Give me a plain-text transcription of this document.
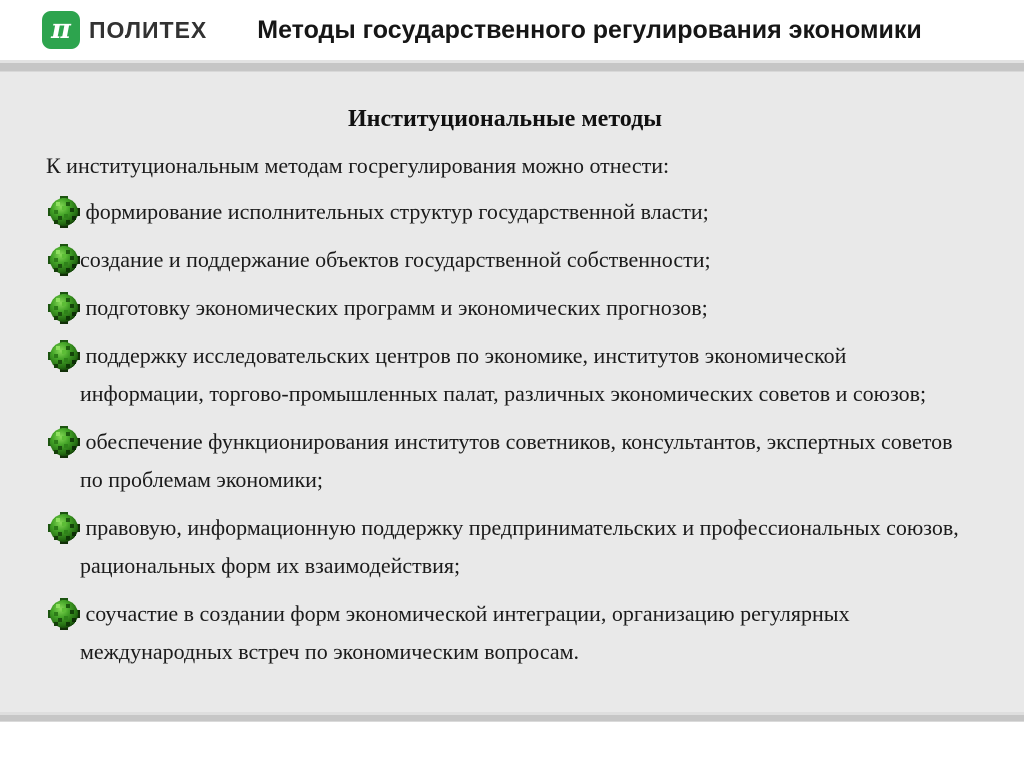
π ПОЛИТЕХ Методы государственного регулирования экономики
Институциональные методы

К институциональным методам госрегулирования можно отнести:

формирование исполнительных структур государственной власти;
создание и поддержание объектов государственной собственности;
подготовку экономических программ и экономических прогнозов;
поддержку исследовательских центров по экономике, институтов экономической информации, торгово-промышленных палат, различных экономических советов и союзов;
обеспечение функционирования институтов советников, консультантов, экспертных советов по проблемам экономики;
правовую, информационную поддержку предпринимательских и профессиональных союзов, рациональных форм их взаимодействия;
соучастие в создании форм экономической интеграции, организацию регулярных международных встреч по экономическим вопросам.
